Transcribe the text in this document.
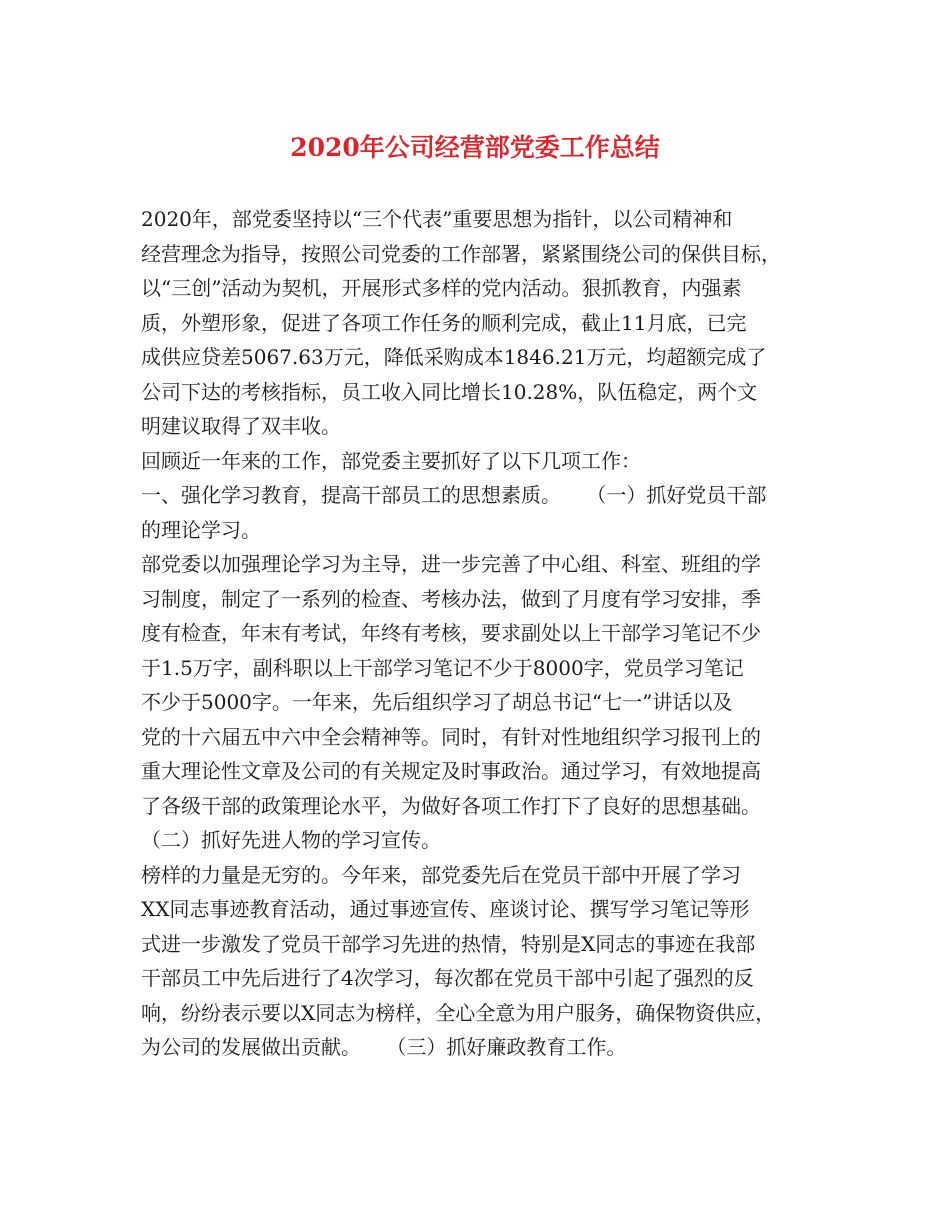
2020年公司经营部党委工作总结
2020年，部党委坚持以“三个代表”重要思想为指针，以公司精神和
经营理念为指导，按照公司党委的工作部署，紧紧围绕公司的保供目标，
以“三创”活动为契机，开展形式多样的党内活动。狠抓教育，内强素
质，外塑形象，促进了各项工作任务的顺利完成，截止11月底，已完
成供应贷差5067.63万元，降低采购成本1846.21万元，均超额完成了
公司下达的考核指标，员工收入同比增长10.28%，队伍稳定，两个文
明建议取得了双丰收。
回顾近一年来的工作，部党委主要抓好了以下几项工作：
一、强化学习教育，提高干部员工的思想素质。    （一）抓好党员干部
的理论学习。
部党委以加强理论学习为主导，进一步完善了中心组、科室、班组的学
习制度，制定了一系列的检查、考核办法，做到了月度有学习安排，季
度有检查，年末有考试，年终有考核，要求副处以上干部学习笔记不少
于1.5万字，副科职以上干部学习笔记不少于8000字，党员学习笔记
不少于5000字。一年来，先后组织学习了胡总书记“七一”讲话以及
党的十六届五中六中全会精神等。同时，有针对性地组织学习报刊上的
重大理论性文章及公司的有关规定及时事政治。通过学习，有效地提高
了各级干部的政策理论水平，为做好各项工作打下了良好的思想基础。
（二）抓好先进人物的学习宣传。
榜样的力量是无穷的。今年来，部党委先后在党员干部中开展了学习
XX同志事迹教育活动，通过事迹宣传、座谈讨论、撰写学习笔记等形
式进一步激发了党员干部学习先进的热情，特别是X同志的事迹在我部
干部员工中先后进行了4次学习，每次都在党员干部中引起了强烈的反
响，纷纷表示要以X同志为榜样，全心全意为用户服务，确保物资供应，
为公司的发展做出贡献。    （三）抓好廉政教育工作。
